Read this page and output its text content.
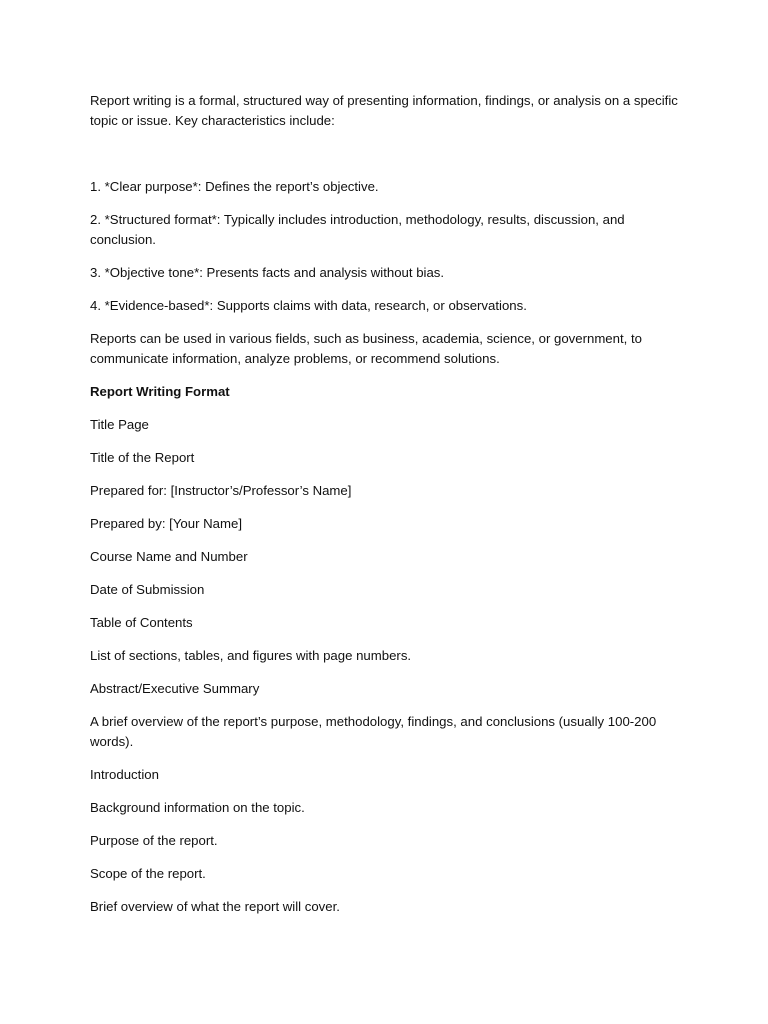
Report writing is a formal, structured way of presenting information, findings, or analysis on a specific topic or issue. Key characteristics include:

1. *Clear purpose*: Defines the report’s objective.

2. *Structured format*: Typically includes introduction, methodology, results, discussion, and conclusion.

3. *Objective tone*: Presents facts and analysis without bias.

4. *Evidence-based*: Supports claims with data, research, or observations.

Reports can be used in various fields, such as business, academia, science, or government, to communicate information, analyze problems, or recommend solutions.

Report Writing Format

Title Page

Title of the Report

Prepared for: [Instructor’s/Professor’s Name]

Prepared by: [Your Name]

Course Name and Number

Date of Submission

Table of Contents

List of sections, tables, and figures with page numbers.

Abstract/Executive Summary

A brief overview of the report’s purpose, methodology, findings, and conclusions (usually 100-200 words).

Introduction

Background information on the topic.

Purpose of the report.

Scope of the report.

Brief overview of what the report will cover.
